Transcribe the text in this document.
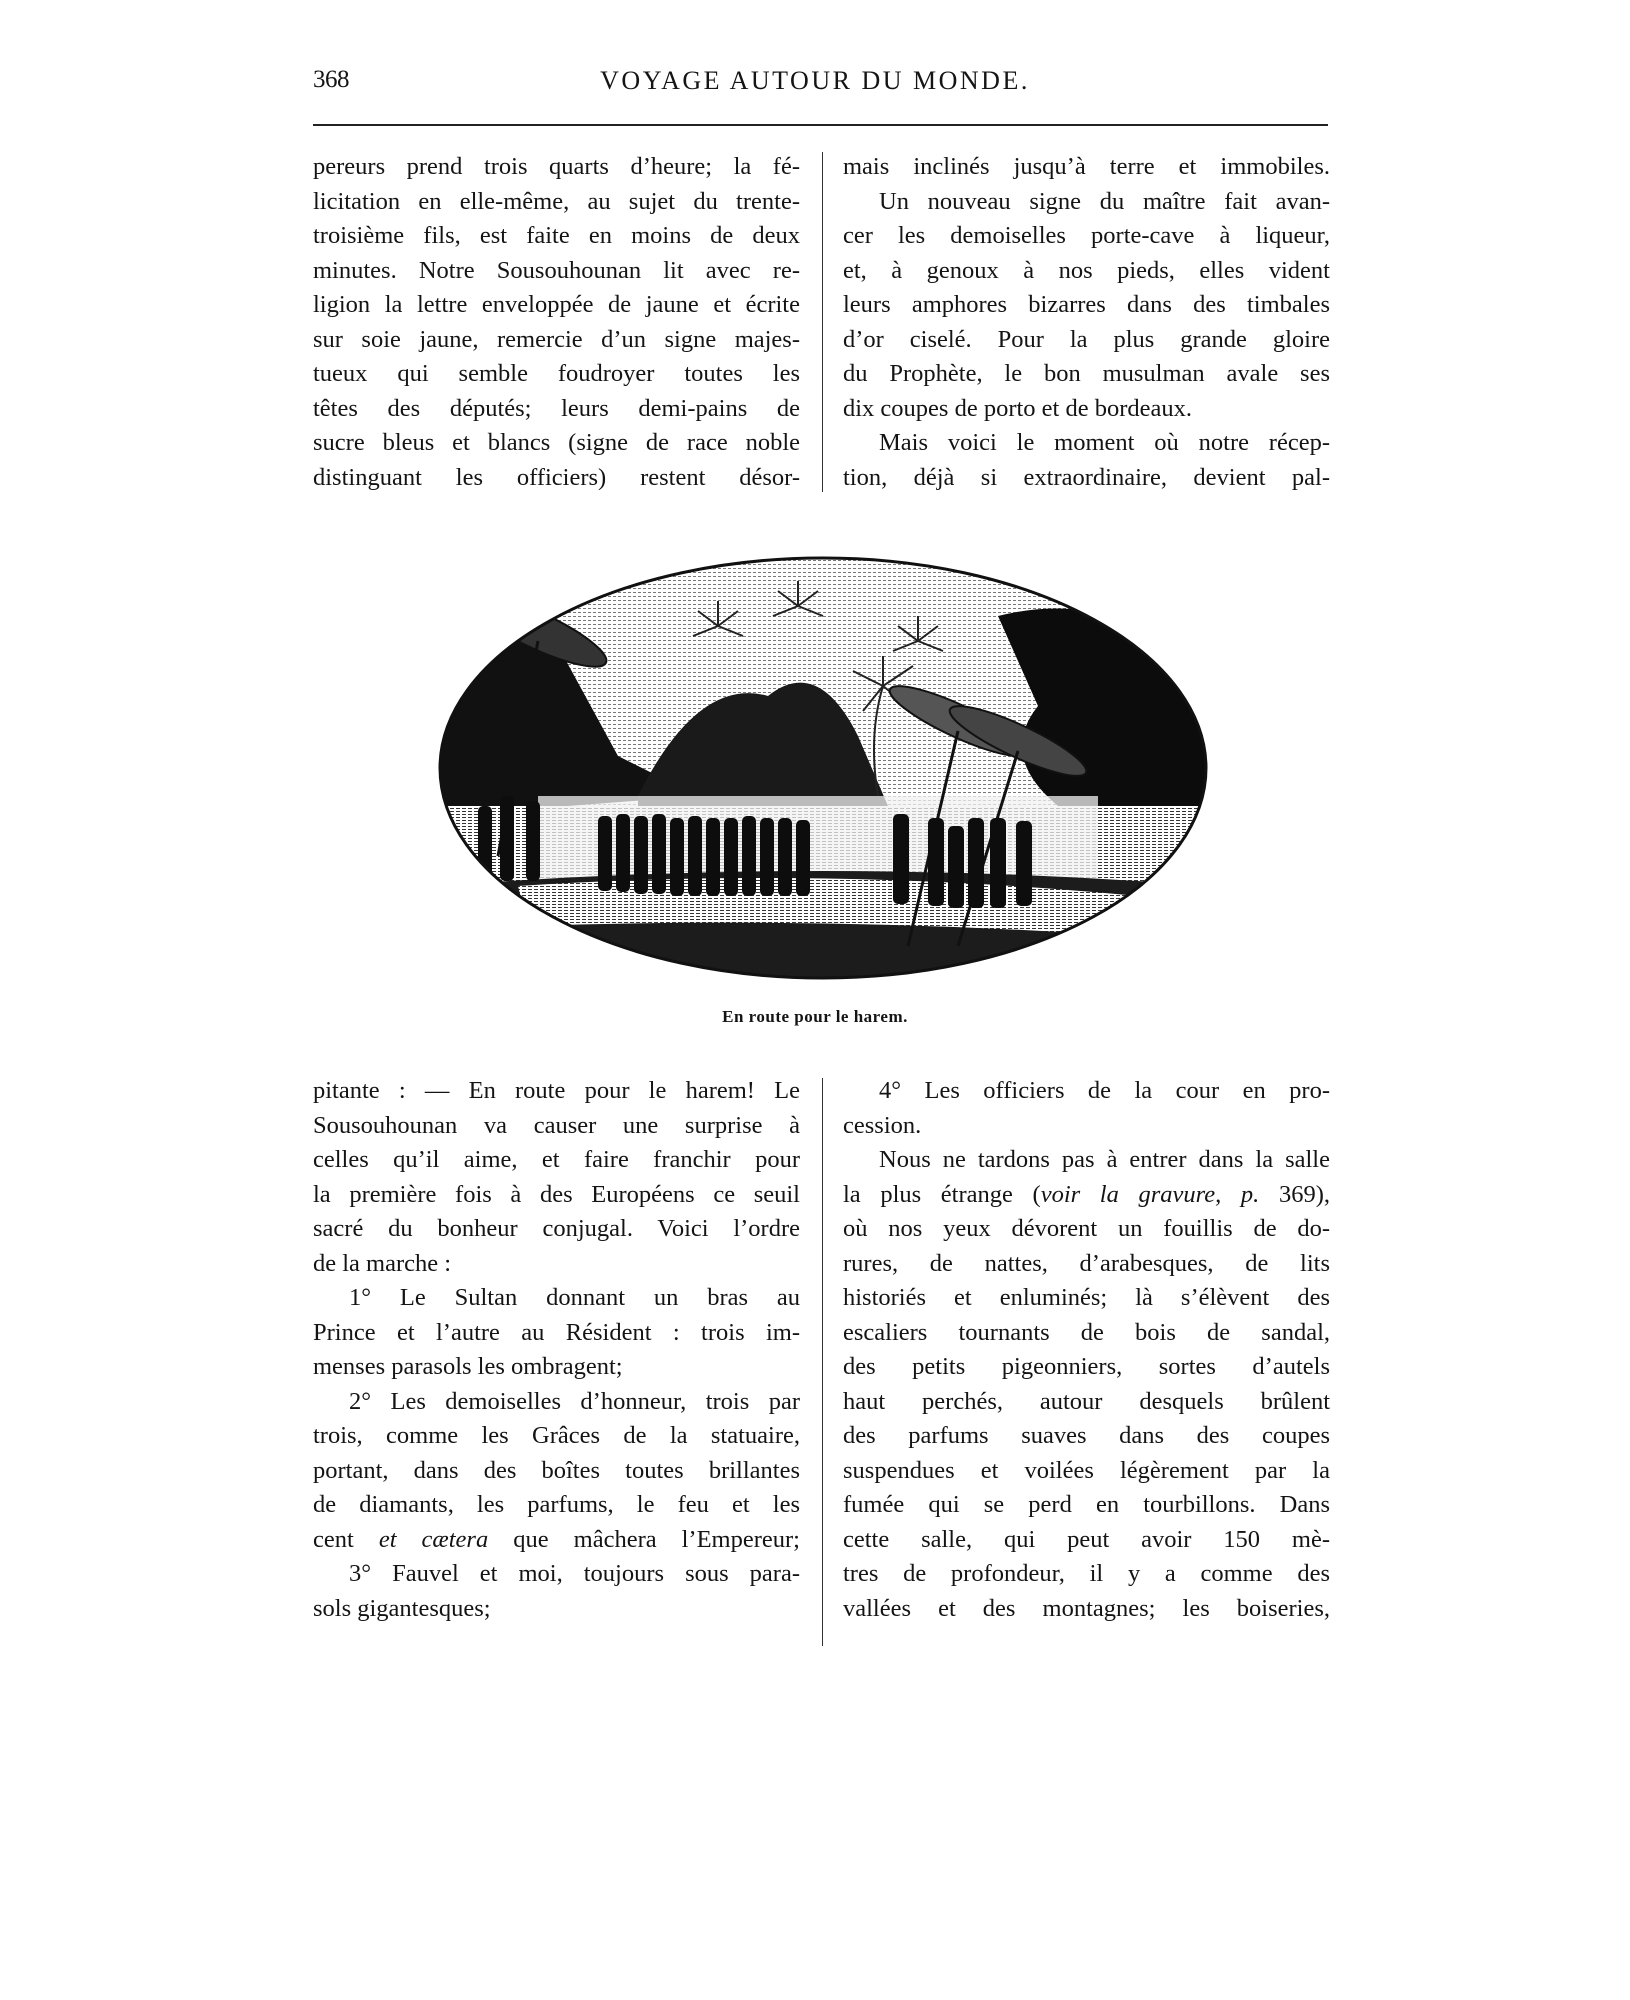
368	VOYAGE AUTOUR DU MONDE.
pereurs prend trois quarts d’heure; la fé-
licitation en elle-même, au sujet du trente-
troisième fils, est faite en moins de deux
minutes. Notre Sousouhounan lit avec re-
ligion la lettre enveloppée de jaune et écrite
sur soie jaune, remercie d’un signe majes-
tueux qui semble foudroyer toutes les
têtes des députés; leurs demi-pains de
sucre bleus et blancs (signe de race noble
distinguant les officiers) restent désor-
mais inclinés jusqu’à terre et immobiles.
Un nouveau signe du maître fait avan-
cer les demoiselles porte-cave à liqueur,
et, à genoux à nos pieds, elles vident
leurs amphores bizarres dans des timbales
d’or ciselé. Pour la plus grande gloire
du Prophète, le bon musulman avale ses
dix coupes de porto et de bordeaux.
Mais voici le moment où notre récep-
tion, déjà si extraordinaire, devient pal-
En route pour le harem.
pitante : — En route pour le harem! Le
Sousouhounan va causer une surprise à
celles qu’il aime, et faire franchir pour
la première fois à des Européens ce seuil
sacré du bonheur conjugal. Voici l’ordre
de la marche :
1° Le Sultan donnant un bras au
Prince et l’autre au Résident : trois im-
menses parasols les ombragent;
2° Les demoiselles d’honneur, trois par
trois, comme les Grâces de la statuaire,
portant, dans des boîtes toutes brillantes
de diamants, les parfums, le feu et les
cent et cætera que mâchera l’Empereur;
3° Fauvel et moi, toujours sous para-
sols gigantesques;
4° Les officiers de la cour en pro-
cession.
Nous ne tardons pas à entrer dans la salle
la plus étrange (voir la gravure, p. 369),
où nos yeux dévorent un fouillis de do-
rures, de nattes, d’arabesques, de lits
historiés et enluminés; là s’élèvent des
escaliers tournants de bois de sandal,
des petits pigeonniers, sortes d’autels
haut perchés, autour desquels brûlent
des parfums suaves dans des coupes
suspendues et voilées légèrement par la
fumée qui se perd en tourbillons. Dans
cette salle, qui peut avoir 150 mè-
tres de profondeur, il y a comme des
vallées et des montagnes; les boiseries,
